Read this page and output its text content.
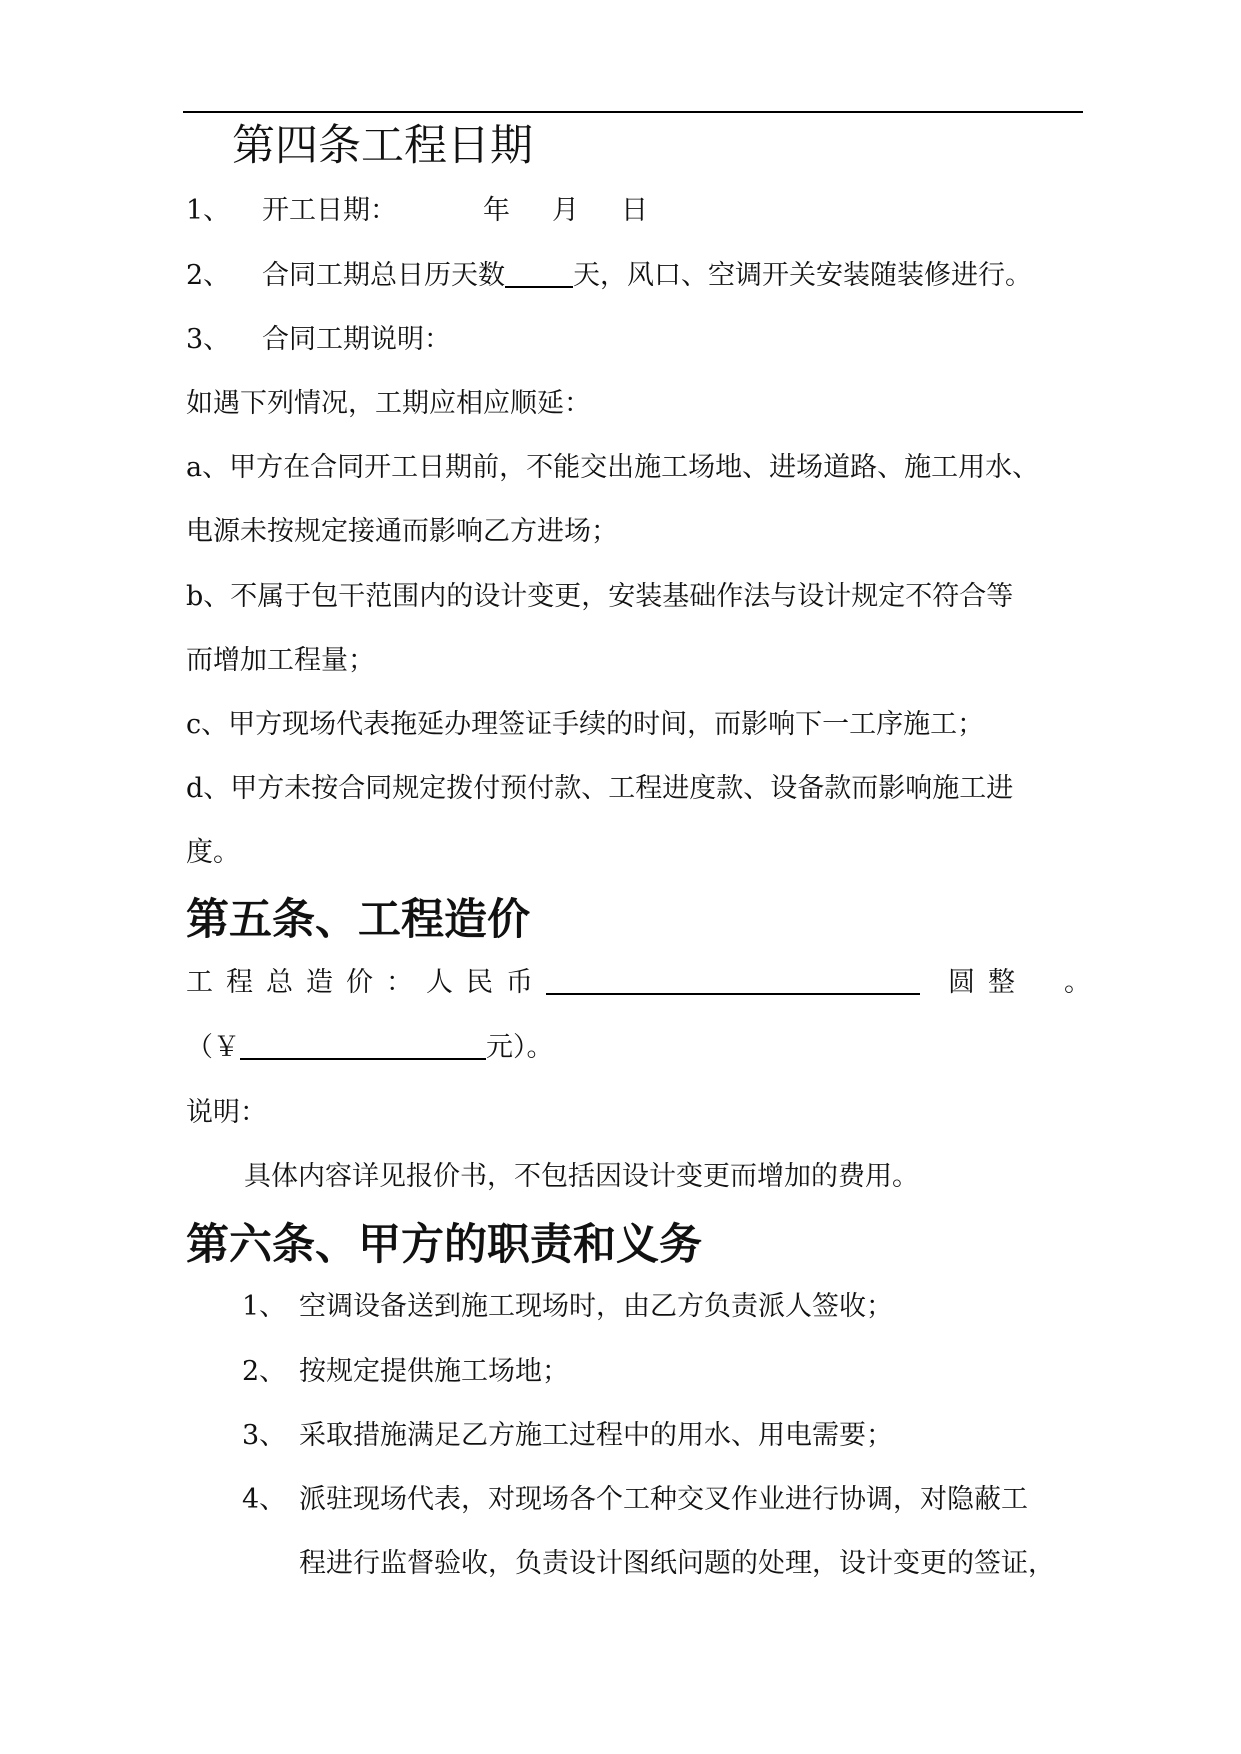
第四条工程日期
1、 开工日期：	年 月 日
2、 合同工期总日历天数	天，风口、空调开关安装随装修进行。
3、 合同工期说明：
如遇下列情况，工期应相应顺延：
a、甲方在合同开工日期前，不能交出施工场地、进场道路、施工用水、
电源未按规定接通而影响乙方进场；
b、不属于包干范围内的设计变更，安装基础作法与设计规定不符合等
而增加工程量；
c、甲方现场代表拖延办理签证手续的时间，而影响下一工序施工；
d、甲方未按合同规定拨付预付款、工程进度款、设备款而影响施工进
度。
第五条、工程造价
工程总造价：人民币	圆整 。
（￥	元）。
说明：
具体内容详见报价书，不包括因设计变更而增加的费用。
第六条、甲方的职责和义务
1、 空调设备送到施工现场时，由乙方负责派人签收；
2、 按规定提供施工场地；
3、 采取措施满足乙方施工过程中的用水、用电需要；
4、 派驻现场代表，对现场各个工种交叉作业进行协调，对隐蔽工
程进行监督验收，负责设计图纸问题的处理，设计变更的签证，
